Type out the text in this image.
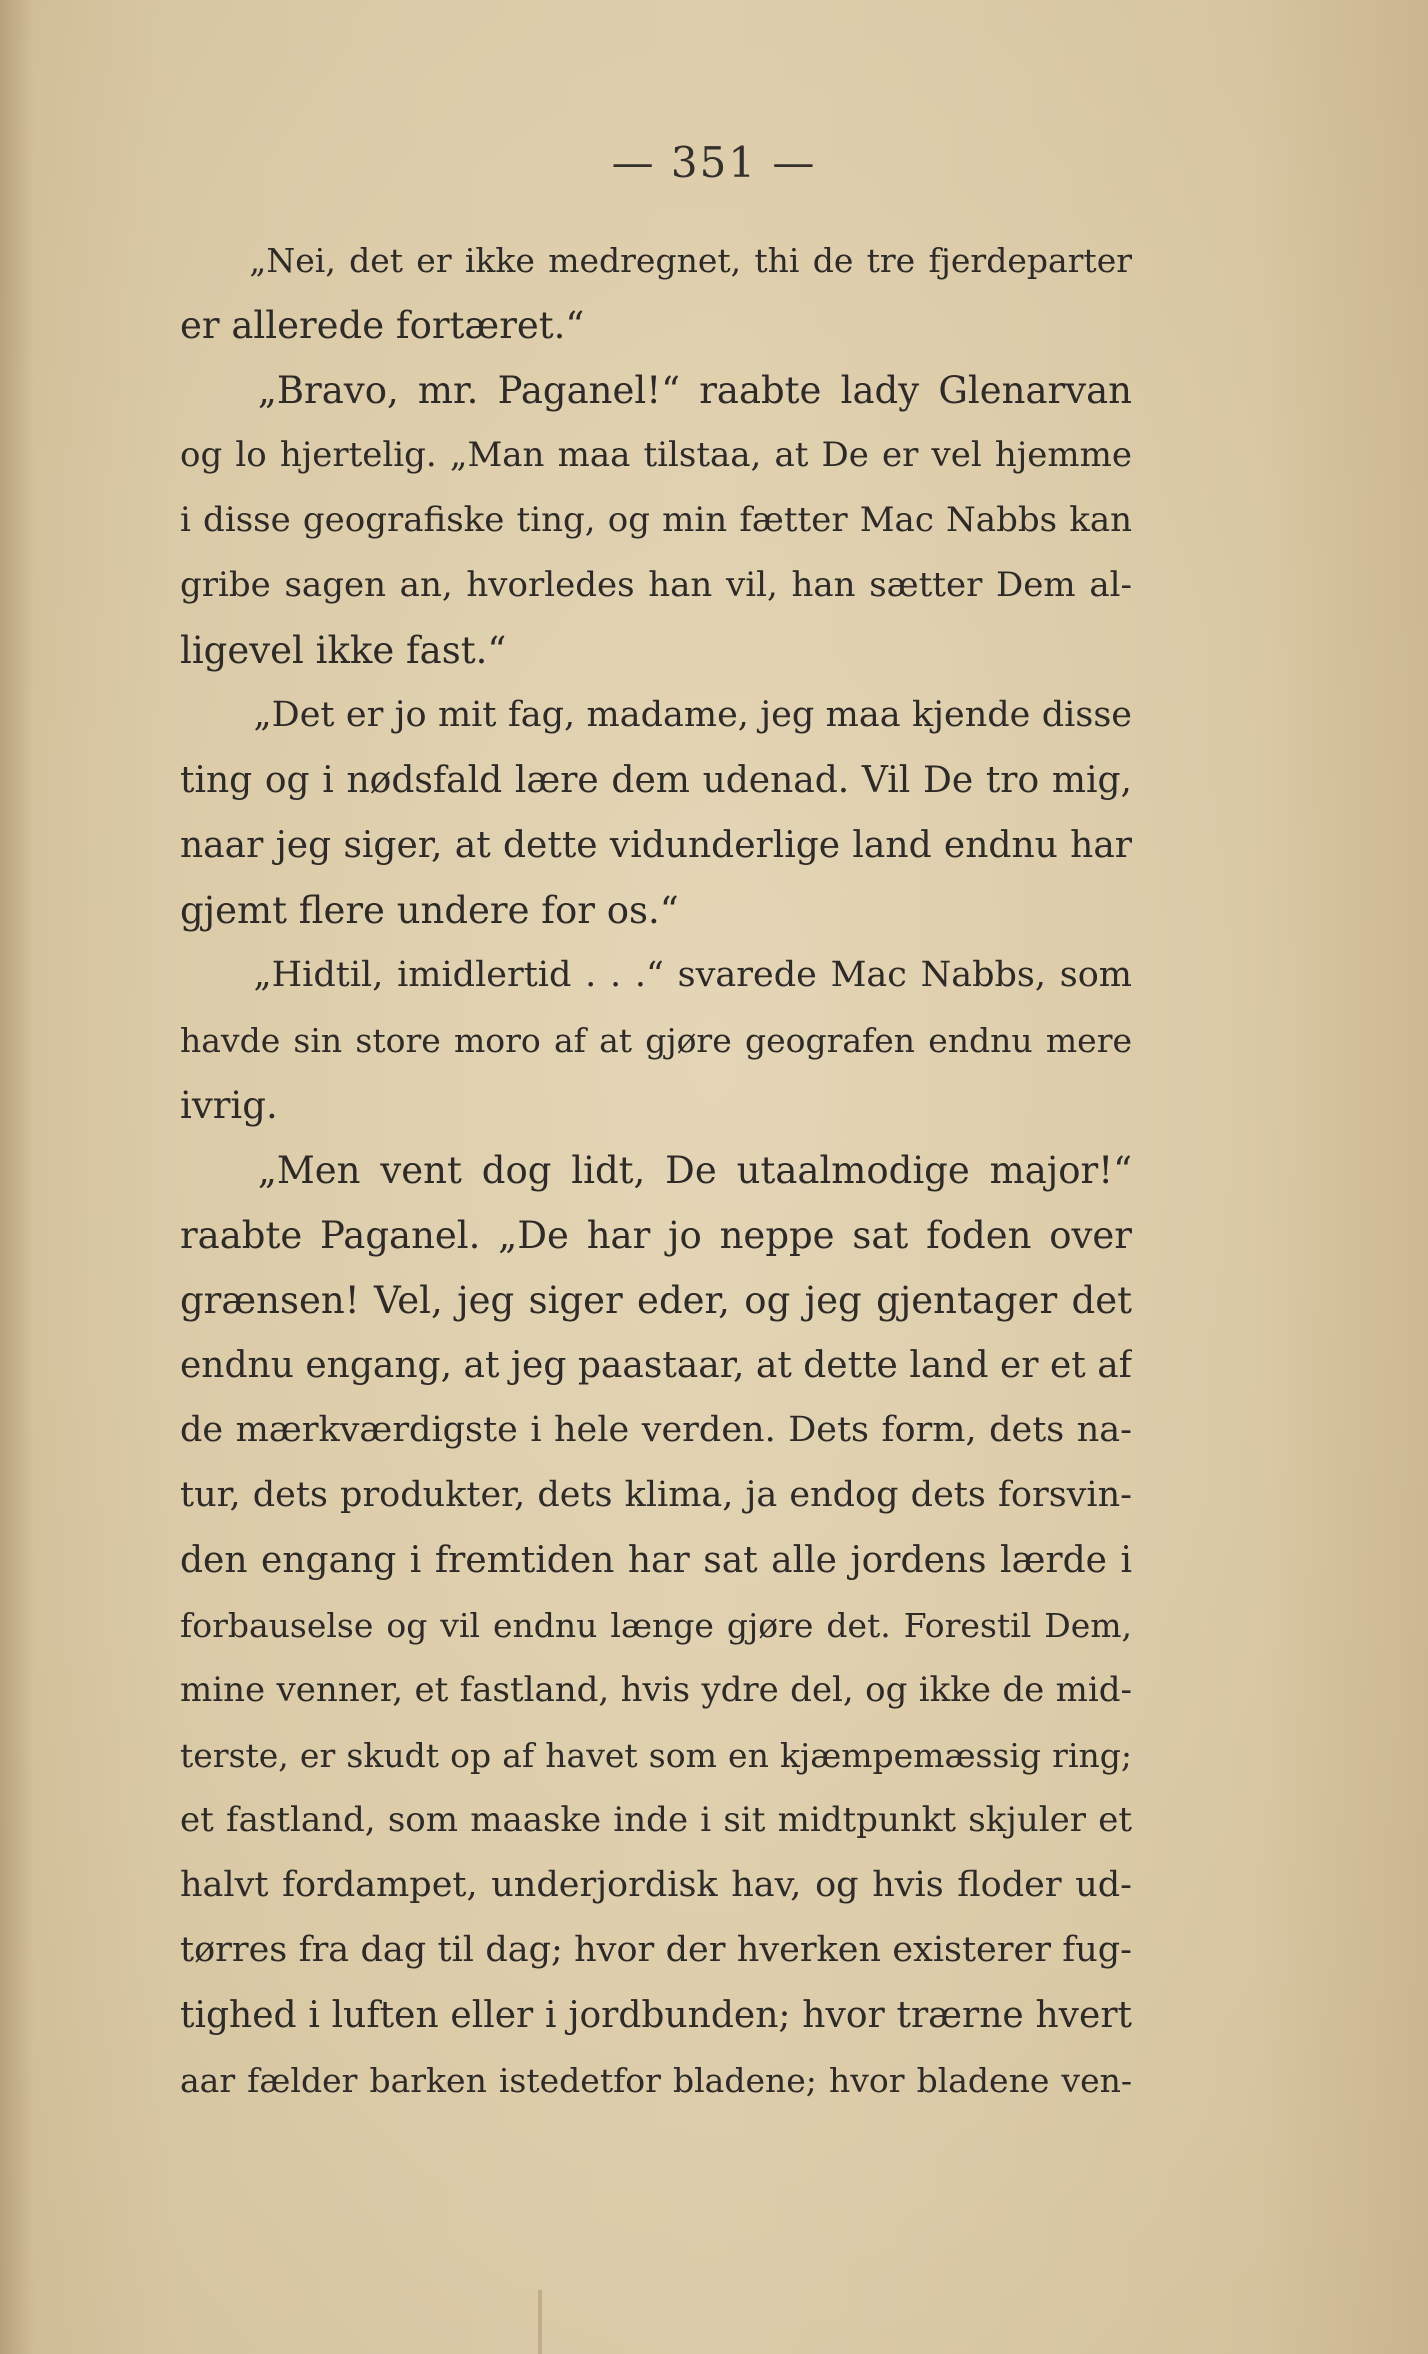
— 351 —
„Nei, det er ikke medregnet, thi de tre fjerdeparter
er allerede fortæret.“
„Bravo, mr. Paganel!“ raabte lady Glenarvan
og lo hjertelig. „Man maa tilstaa, at De er vel hjemme
i disse geografiske ting, og min fætter Mac Nabbs kan
gribe sagen an, hvorledes han vil, han sætter Dem al-
ligevel ikke fast.“
„Det er jo mit fag, madame, jeg maa kjende disse
ting og i nødsfald lære dem udenad. Vil De tro mig,
naar jeg siger, at dette vidunderlige land endnu har
gjemt flere undere for os.“
„Hidtil, imidlertid . . .“ svarede Mac Nabbs, som
havde sin store moro af at gjøre geografen endnu mere
ivrig.
„Men vent dog lidt, De utaalmodige major!“
raabte Paganel. „De har jo neppe sat foden over
grænsen! Vel, jeg siger eder, og jeg gjentager det
endnu engang, at jeg paastaar, at dette land er et af
de mærkværdigste i hele verden. Dets form, dets na-
tur, dets produkter, dets klima, ja endog dets forsvin-
den engang i fremtiden har sat alle jordens lærde i
forbauselse og vil endnu længe gjøre det. Forestil Dem,
mine venner, et fastland, hvis ydre del, og ikke de mid-
terste, er skudt op af havet som en kjæmpemæssig ring;
et fastland, som maaske inde i sit midtpunkt skjuler et
halvt fordampet, underjordisk hav, og hvis floder ud-
tørres fra dag til dag; hvor der hverken existerer fug-
tighed i luften eller i jordbunden; hvor trærne hvert
aar fælder barken istedetfor bladene; hvor bladene ven-
